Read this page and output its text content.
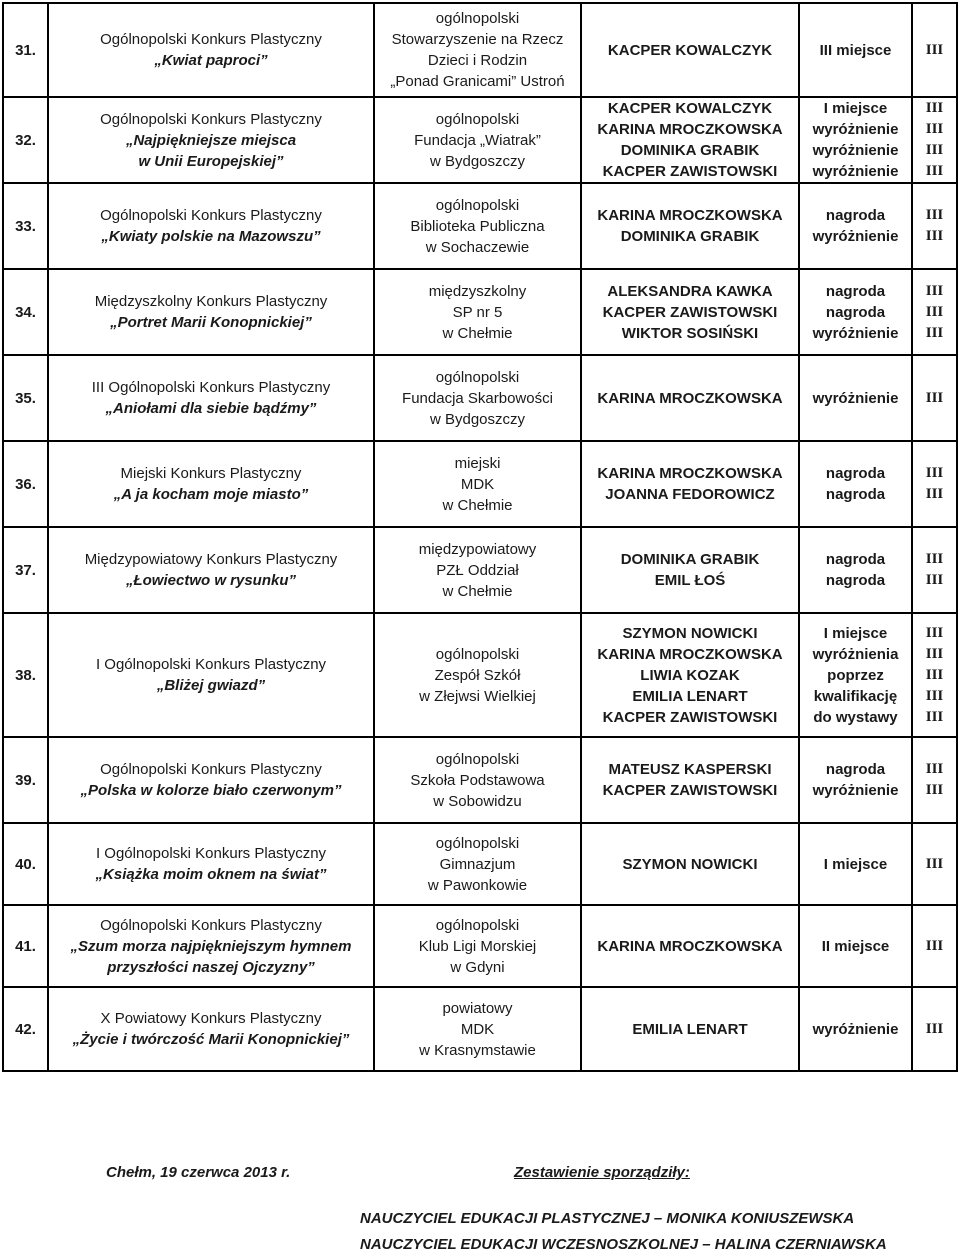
31.	Ogólnopolski Konkurs Plastyczny
„Kwiat paproci”	ogólnopolski
Stowarzyszenie na Rzecz
Dzieci i Rodzin
„Ponad Granicami” Ustroń	KACPER KOWALCZYK	III miejsce	III

32.	Ogólnopolski Konkurs Plastyczny
„Najpiękniejsze miejsca
w Unii Europejskiej”	ogólnopolski
Fundacja „Wiatrak”
w Bydgoszczy	KACPER KOWALCZYK
KARINA MROCZKOWSKA
DOMINIKA GRABIK
KACPER ZAWISTOWSKI	I miejsce
wyróżnienie
wyróżnienie
wyróżnienie	III
III
III
III

33.	Ogólnopolski Konkurs Plastyczny
„Kwiaty polskie na Mazowszu”	ogólnopolski
Biblioteka Publiczna
w Sochaczewie	KARINA MROCZKOWSKA
DOMINIKA GRABIK	nagroda
wyróżnienie	III
III

34.	Międzyszkolny Konkurs Plastyczny
„Portret Marii Konopnickiej”	międzyszkolny
SP nr 5
w Chełmie	ALEKSANDRA KAWKA
KACPER ZAWISTOWSKI
WIKTOR SOSIŃSKI	nagroda
nagroda
wyróżnienie	III
III
III

35.	III Ogólnopolski Konkurs Plastyczny
„Aniołami dla siebie bądźmy”	ogólnopolski
Fundacja Skarbowości
w Bydgoszczy	KARINA MROCZKOWSKA	wyróżnienie	III

36.	Miejski Konkurs Plastyczny
„A ja kocham moje miasto”	miejski
MDK
w Chełmie	KARINA MROCZKOWSKA
JOANNA FEDOROWICZ	nagroda
nagroda	III
III

37.	Międzypowiatowy Konkurs Plastyczny
„Łowiectwo w rysunku”	międzypowiatowy
PZŁ Oddział
w Chełmie	DOMINIKA GRABIK
EMIL ŁOŚ	nagroda
nagroda	III
III

38.	I Ogólnopolski Konkurs Plastyczny
„Bliżej gwiazd”	ogólnopolski
Zespół Szkół
w Złejwsi Wielkiej	SZYMON NOWICKI
KARINA MROCZKOWSKA
LIWIA KOZAK
EMILIA LENART
KACPER ZAWISTOWSKI	I miejsce
wyróżnienia
poprzez
kwalifikację
do wystawy	III
III
III
III
III

39.	Ogólnopolski Konkurs Plastyczny
„Polska w kolorze biało czerwonym”	ogólnopolski
Szkoła Podstawowa
w Sobowidzu	MATEUSZ KASPERSKI
KACPER ZAWISTOWSKI	nagroda
wyróżnienie	III
III

40.	I Ogólnopolski Konkurs Plastyczny
„Książka moim oknem na świat”	ogólnopolski
Gimnazjum
w Pawonkowie	SZYMON NOWICKI	I miejsce	III

41.	Ogólnopolski Konkurs Plastyczny
„Szum morza najpiękniejszym hymnem
przyszłości naszej Ojczyzny”	ogólnopolski
Klub Ligi Morskiej
w Gdyni	KARINA MROCZKOWSKA	II miejsce	III

42.	X Powiatowy Konkurs Plastyczny
„Życie i twórczość Marii Konopnickiej”	powiatowy
MDK
w Krasnymstawie	EMILIA LENART	wyróżnienie	III
Chełm, 19 czerwca 2013 r.	Zestawienie sporządziły:
NAUCZYCIEL EDUKACJI PLASTYCZNEJ – MONIKA KONIUSZEWSKA
NAUCZYCIEL EDUKACJI WCZESNOSZKOLNEJ – HALINA CZERNIAWSKA
